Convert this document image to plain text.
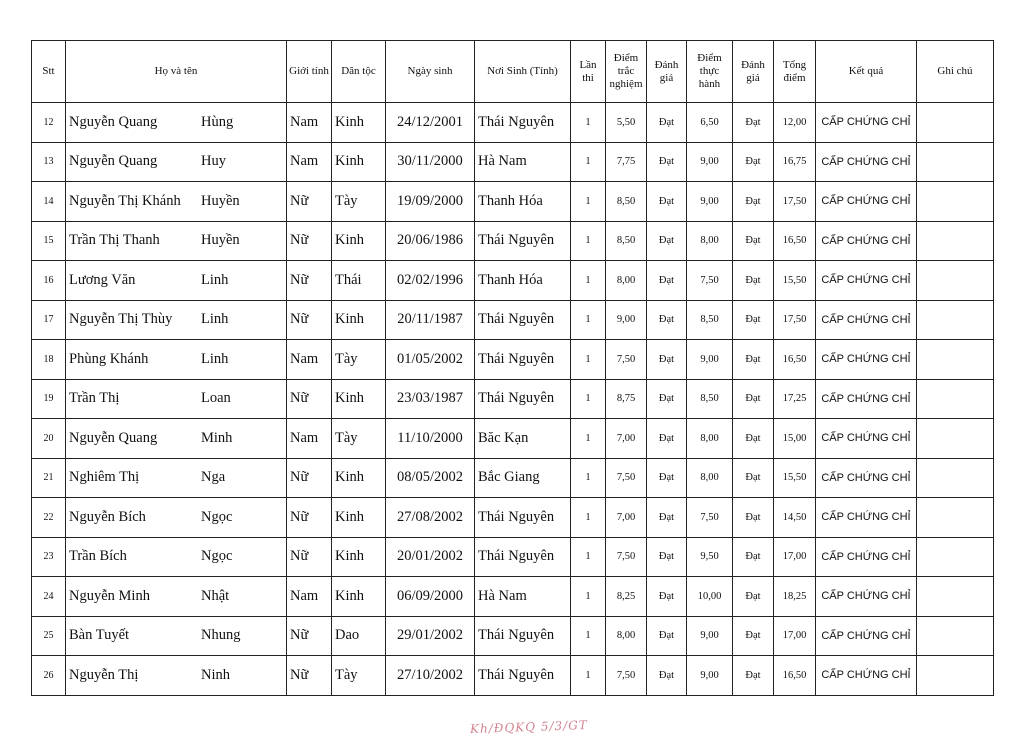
Stt	Họ và tên	Giới tính	Dân tộc	Ngày sinh	Nơi Sinh (Tỉnh)	Lần thi	Điểm trắc nghiệm	Đánh giá	Điểm thực hành	Đánh giá	Tổng điểm	Kết quả	Ghi chú
12	Nguyễn Quang Hùng	Nam	Kinh	24/12/2001	Thái Nguyên	1	5,50	Đạt	6,50	Đạt	12,00	CẤP CHỨNG CHỈ	
13	Nguyễn Quang Huy	Nam	Kinh	30/11/2000	Hà Nam	1	7,75	Đạt	9,00	Đạt	16,75	CẤP CHỨNG CHỈ	
14	Nguyễn Thị Khánh Huyền	Nữ	Tày	19/09/2000	Thanh Hóa	1	8,50	Đạt	9,00	Đạt	17,50	CẤP CHỨNG CHỈ	
15	Trần Thị Thanh Huyền	Nữ	Kinh	20/06/1986	Thái Nguyên	1	8,50	Đạt	8,00	Đạt	16,50	CẤP CHỨNG CHỈ	
16	Lương Văn Linh	Nữ	Thái	02/02/1996	Thanh Hóa	1	8,00	Đạt	7,50	Đạt	15,50	CẤP CHỨNG CHỈ	
17	Nguyễn Thị Thùy Linh	Nữ	Kinh	20/11/1987	Thái Nguyên	1	9,00	Đạt	8,50	Đạt	17,50	CẤP CHỨNG CHỈ	
18	Phùng Khánh Linh	Nam	Tày	01/05/2002	Thái Nguyên	1	7,50	Đạt	9,00	Đạt	16,50	CẤP CHỨNG CHỈ	
19	Trần Thị Loan	Nữ	Kinh	23/03/1987	Thái Nguyên	1	8,75	Đạt	8,50	Đạt	17,25	CẤP CHỨNG CHỈ	
20	Nguyễn Quang Minh	Nam	Tày	11/10/2000	Băc Kạn	1	7,00	Đạt	8,00	Đạt	15,00	CẤP CHỨNG CHỈ	
21	Nghiêm Thị Nga	Nữ	Kinh	08/05/2002	Bắc Giang	1	7,50	Đạt	8,00	Đạt	15,50	CẤP CHỨNG CHỈ	
22	Nguyễn Bích Ngọc	Nữ	Kinh	27/08/2002	Thái Nguyên	1	7,00	Đạt	7,50	Đạt	14,50	CẤP CHỨNG CHỈ	
23	Trần Bích Ngọc	Nữ	Kinh	20/01/2002	Thái Nguyên	1	7,50	Đạt	9,50	Đạt	17,00	CẤP CHỨNG CHỈ	
24	Nguyễn Minh Nhật	Nam	Kinh	06/09/2000	Hà Nam	1	8,25	Đạt	10,00	Đạt	18,25	CẤP CHỨNG CHỈ	
25	Bàn Tuyết Nhung	Nữ	Dao	29/01/2002	Thái Nguyên	1	8,00	Đạt	9,00	Đạt	17,00	CẤP CHỨNG CHỈ	
26	Nguyễn Thị Ninh	Nữ	Tày	27/10/2002	Thái Nguyên	1	7,50	Đạt	9,00	Đạt	16,50	CẤP CHỨNG CHỈ	
Kh/ĐQKQ 5/3/GT
